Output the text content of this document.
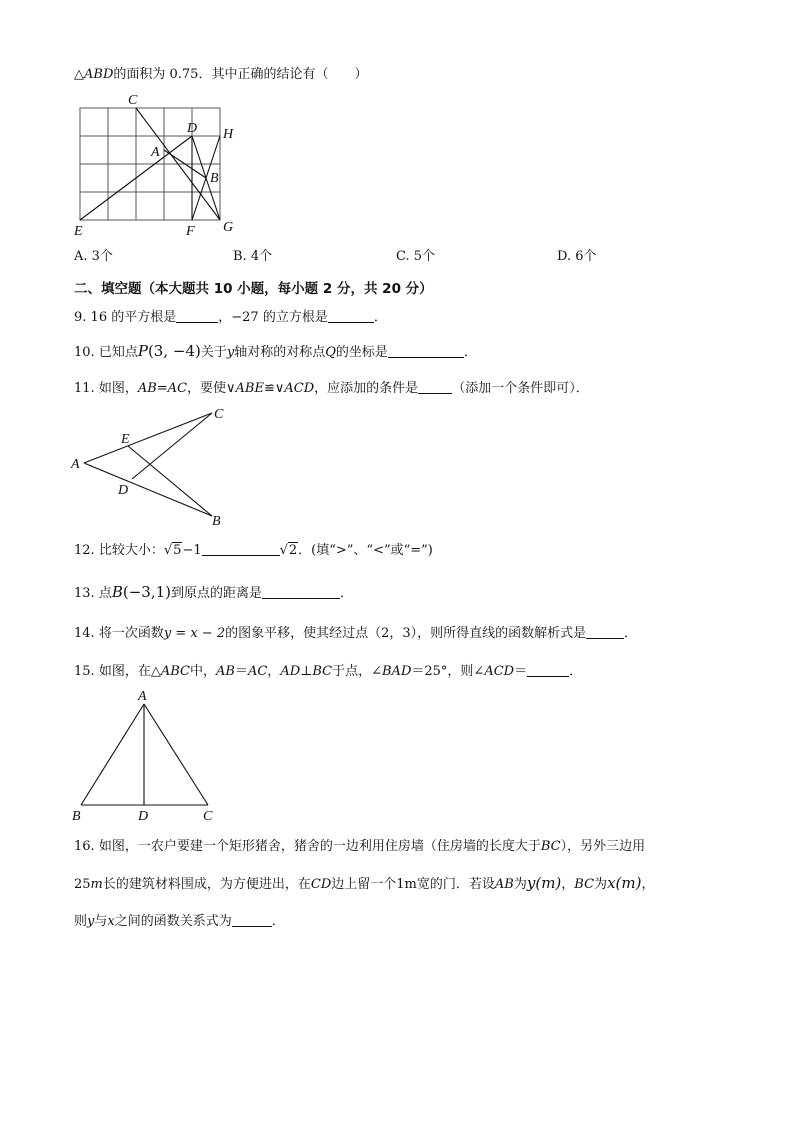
△ABD的面积为 0.75．其中正确的结论有（　　）
C
D H
A
B
E	F G
A. 3个	B. 4个	C. 5个	D. 6个
二、填空题（本大题共 10 小题，每小题 2 分，共 20 分）
9. 16 的平方根是	，−27 的立方根是	．
10. 已知点P(3, −4)关于y轴对称的对称点Q的坐标是	．
11. 如图，AB=AC，要使∨ABE≌∨ACD，应添加的条件是	（添加一个条件即可）．
A
B
C
D
E
12. 比较大小：√5−1	√2．(填“>”、“<”或“=”)
13. 点B(−3,1)到原点的距离是	．
14. 将一次函数y = x − 2的图象平移，使其经过点（2，3），则所得直线的函数解析式是	．
15. 如图，在△ABC中，AB＝AC，AD⊥BC于点，∠BAD＝25°，则∠ACD＝	．
A
B	D	C
16. 如图，一农户要建一个矩形猪舍，猪舍的一边利用住房墙（住房墙的长度大于BC），另外三边用
25m长的建筑材料围成，为方便进出，在CD边上留一个1m宽的门．若设AB为y(m)，BC为x(m)，
则y与x之间的函数关系式为	．
